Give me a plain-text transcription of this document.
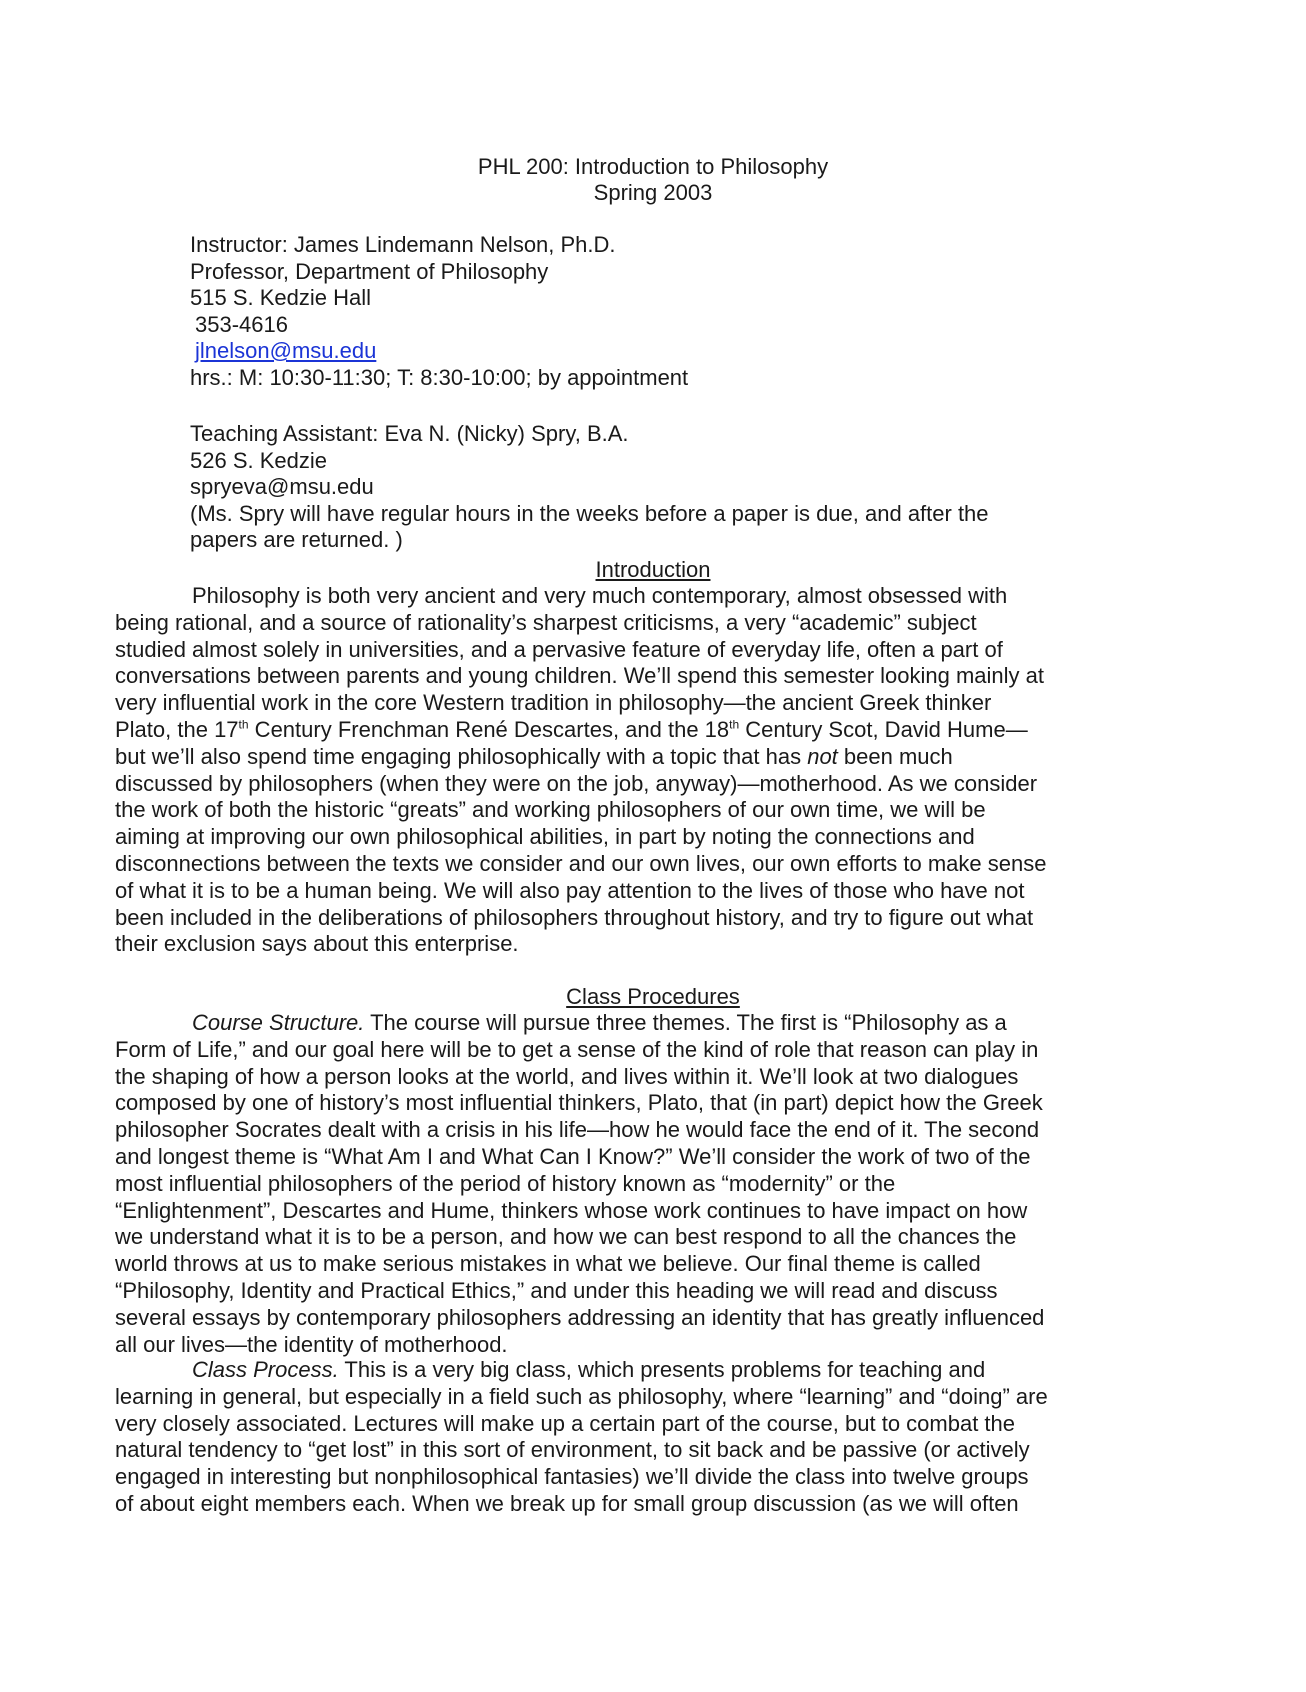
PHL 200: Introduction to Philosophy
Spring 2003
Instructor: James Lindemann Nelson, Ph.D.
Professor, Department of Philosophy
515 S. Kedzie Hall
353-4616
jlnelson@msu.edu
hrs.: M: 10:30-11:30; T: 8:30-10:00; by appointment
Teaching Assistant: Eva N. (Nicky) Spry, B.A.
526 S. Kedzie
spryeva@msu.edu
(Ms. Spry will have regular hours in the weeks before a paper is due, and after the
papers are returned. )
Introduction
Philosophy is both very ancient and very much contemporary, almost obsessed with
being rational, and a source of rationality’s sharpest criticisms, a very “academic” subject
studied almost solely in universities, and a pervasive feature of everyday life, often a part of
conversations between parents and young children. We’ll spend this semester looking mainly at
very influential work in the core Western tradition in philosophy—the ancient Greek thinker
Plato, the 17th Century Frenchman René Descartes, and the 18th Century Scot, David Hume—
but we’ll also spend time engaging philosophically with a topic that has not been much
discussed by philosophers (when they were on the job, anyway)—motherhood. As we consider
the work of both the historic “greats” and working philosophers of our own time, we will be
aiming at improving our own philosophical abilities, in part by noting the connections and
disconnections between the texts we consider and our own lives, our own efforts to make sense
of what it is to be a human being. We will also pay attention to the lives of those who have not
been included in the deliberations of philosophers throughout history, and try to figure out what
their exclusion says about this enterprise.
Class Procedures
Course Structure. The course will pursue three themes. The first is “Philosophy as a
Form of Life,” and our goal here will be to get a sense of the kind of role that reason can play in
the shaping of how a person looks at the world, and lives within it. We’ll look at two dialogues
composed by one of history’s most influential thinkers, Plato, that (in part) depict how the Greek
philosopher Socrates dealt with a crisis in his life—how he would face the end of it. The second
and longest theme is “What Am I and What Can I Know?” We’ll consider the work of two of the
most influential philosophers of the period of history known as “modernity” or the
“Enlightenment”, Descartes and Hume, thinkers whose work continues to have impact on how
we understand what it is to be a person, and how we can best respond to all the chances the
world throws at us to make serious mistakes in what we believe. Our final theme is called
“Philosophy, Identity and Practical Ethics,” and under this heading we will read and discuss
several essays by contemporary philosophers addressing an identity that has greatly influenced
all our lives—the identity of motherhood.
Class Process. This is a very big class, which presents problems for teaching and
learning in general, but especially in a field such as philosophy, where “learning” and “doing” are
very closely associated. Lectures will make up a certain part of the course, but to combat the
natural tendency to “get lost” in this sort of environment, to sit back and be passive (or actively
engaged in interesting but nonphilosophical fantasies) we’ll divide the class into twelve groups
of about eight members each. When we break up for small group discussion (as we will often
